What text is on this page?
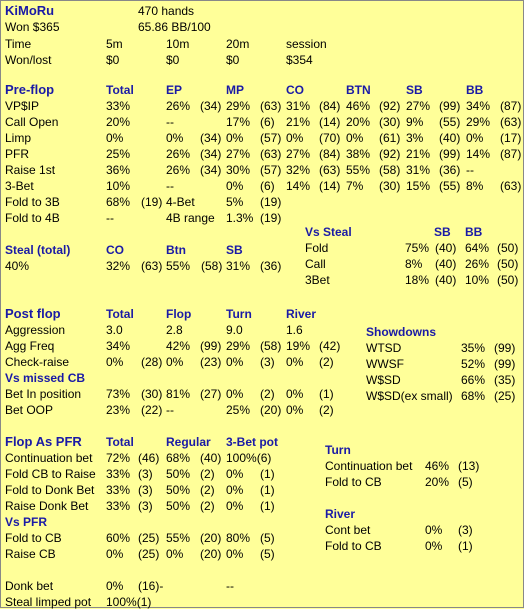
KiMoRu	470 hands
Won $365	65.86 BB/100
Time	5m	10m	20m	session
Won/lost	$0	$0	$0	$354
Pre-flop	Total	EP	MP	CO	BTN	SB	BB
VP$IP	33%	26% (34) 29% (63) 31% (84) 46% (92) 27% (99) 34% (87)
Call Open	20%	--	17% (6) 21% (14) 20% (30) 9% (55) 29% (63)
Limp	0%	0% (34) 0% (57) 0% (70) 0% (61) 3% (40) 0% (17)
PFR	25%	26% (34) 27% (63) 27% (84) 38% (92) 21% (99) 14% (87)
Raise 1st	36%	26% (34) 30% (57) 32% (63) 55% (58) 31% (36) --
3-Bet	10%	--	0% (6) 14% (14) 7% (30) 15% (55) 8% (63)
Fold to 3B	68% (19) 4-Bet	5% (19)
Fold to 4B	--	4B range 1.3% (19)
Vs Steal	SB BB
Fold	75% (40) 64% (50)
Call	8% (40) 26% (50)
3Bet	18% (40) 10% (50)
Steal (total)	CO	Btn	SB
40%	32% (63) 55% (58) 31% (36)
Post flop	Total	Flop	Turn	River
Aggression	3.0	2.8	9.0	1.6
Agg Freq	34%	42% (99) 29% (58) 19% (42)
Check-raise	0% (28) 0% (23) 0% (3) 0% (2)
Vs missed CB
Bet In position 73% (30) 81% (27) 0% (2) 0% (1)
Bet OOP	23% (22) --	25% (20) 0% (2)
Showdowns
WTSD	35% (99)
WWSF	52% (99)
W$SD	66% (35)
W$SD(ex small) 68% (25)
Flop As PFR Total	Regular 3-Bet pot
Continuation bet 72% (46) 68% (40) 100%(6)
Fold CB to Raise 33% (3) 50% (2) 0% (1)
Fold to Donk Bet 33% (3) 50% (2) 0% (1)
Raise Donk Bet 33% (3) 50% (2) 0% (1)
Vs PFR
Fold to CB	60% (25) 55% (20) 80% (5)
Raise CB	0% (25) 0% (20) 0% (5)
Donk bet	0% (16)-	--
Turn
Continuation bet 46% (13)
Fold to CB	20% (5)
River
Cont bet	0% (3)
Fold to CB	0% (1)
Steal limped pot 100%(1)
